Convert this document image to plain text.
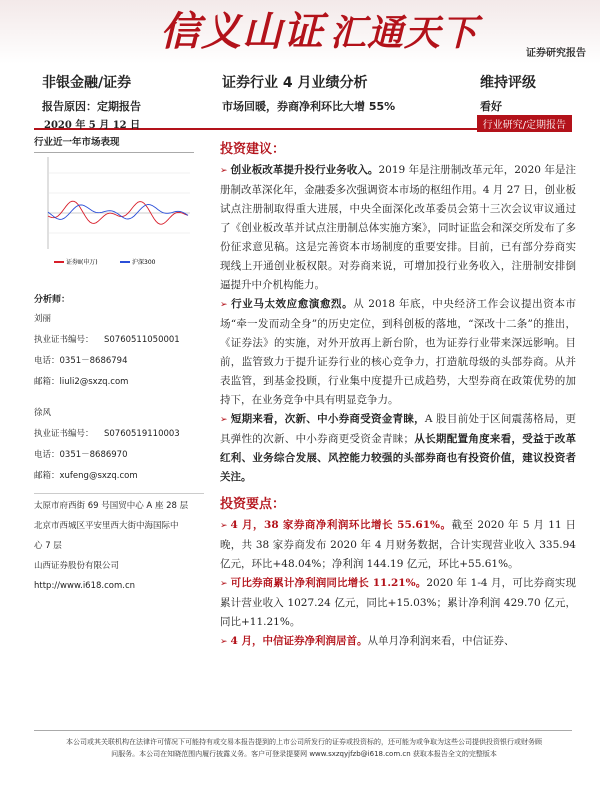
信义山证 汇通天下	证券研究报告
非银金融/证券	证券行业 4 月业绩分析	维持评级
报告原因：定期报告	市场回暖，券商净利环比大增 55%	看好
2020 年 5 月 12 日	行业研究/定期报告
行业近一年市场表现
证券Ⅱ(申万)	沪深300
分析师：
刘丽
执业证书编号： S0760511050001
电话：0351－8686794
邮箱：liuli2@sxzq.com
徐风
执业证书编号： S0760519110003
电话：0351－8686970
邮箱：xufeng@sxzq.com
太原市府西街 69 号国贸中心 A 座 28 层
北京市西城区平安里西大街中海国际中
心 7 层
山西证券股份有限公司
http://www.i618.com.cn
投资建议：

➢ 创业板改革提升投行业务收入。2019 年是注册制改革元年，2020 年是注册制改革深化年，金融委多次强调资本市场的枢纽作用。4 月 27 日，创业板试点注册制取得重大进展，中央全面深化改革委员会第十三次会议审议通过了《创业板改革并试点注册制总体实施方案》，同时证监会和深交所发布了多份征求意见稿。这是完善资本市场制度的重要安排。目前，已有部分券商实现线上开通创业板权限。对券商来说，可增加投行业务收入，注册制安排倒逼提升中介机构能力。

➢ 行业马太效应愈演愈烈。从 2018 年底，中央经济工作会议提出资本市场“牵一发而动全身”的历史定位，到科创板的落地，“深改十二条”的推出，《证券法》的实施，对外开放再上新台阶，也为证券行业带来深远影响。目前，监管致力于提升证券行业的核心竞争力，打造航母级的头部券商。从并表监管，到基金投顾，行业集中度提升已成趋势，大型券商在政策优势的加持下，在业务竞争中具有明显竞争力。

➢ 短期来看，次新、中小券商受资金青睐，A 股目前处于区间震荡格局，更具弹性的次新、中小券商更受资金青睐；从长期配置角度来看，受益于改革红利、业务综合发展、风控能力较强的头部券商也有投资价值，建议投资者关注。

投资要点：

➢ 4 月，38 家券商净利润环比增长 55.61%。截至 2020 年 5 月 11 日晚，共 38 家券商发布 2020 年 4 月财务数据，合计实现营业收入 335.94 亿元，环比+48.04%；净利润 144.19 亿元，环比+55.61%。

➢ 可比券商累计净利润同比增长 11.21%。2020 年 1-4 月，可比券商实现累计营业收入 1027.24 亿元，同比+15.03%；累计净利润 429.70 亿元，同比+11.21%。

➢ 4 月，中信证券净利润居首。从单月净利润来看，中信证券、

本公司或其关联机构在法律许可情况下可能持有或交易本报告提到的上市公司所发行的证券或投资标的，还可能为或争取为这些公司提供投资银行或财务顾问服务。本公司在知晓范围内履行披露义务。客户可登录提要网 www.sxzqyjfzb@i618.com.cn 获取本报告全文的完整版本
